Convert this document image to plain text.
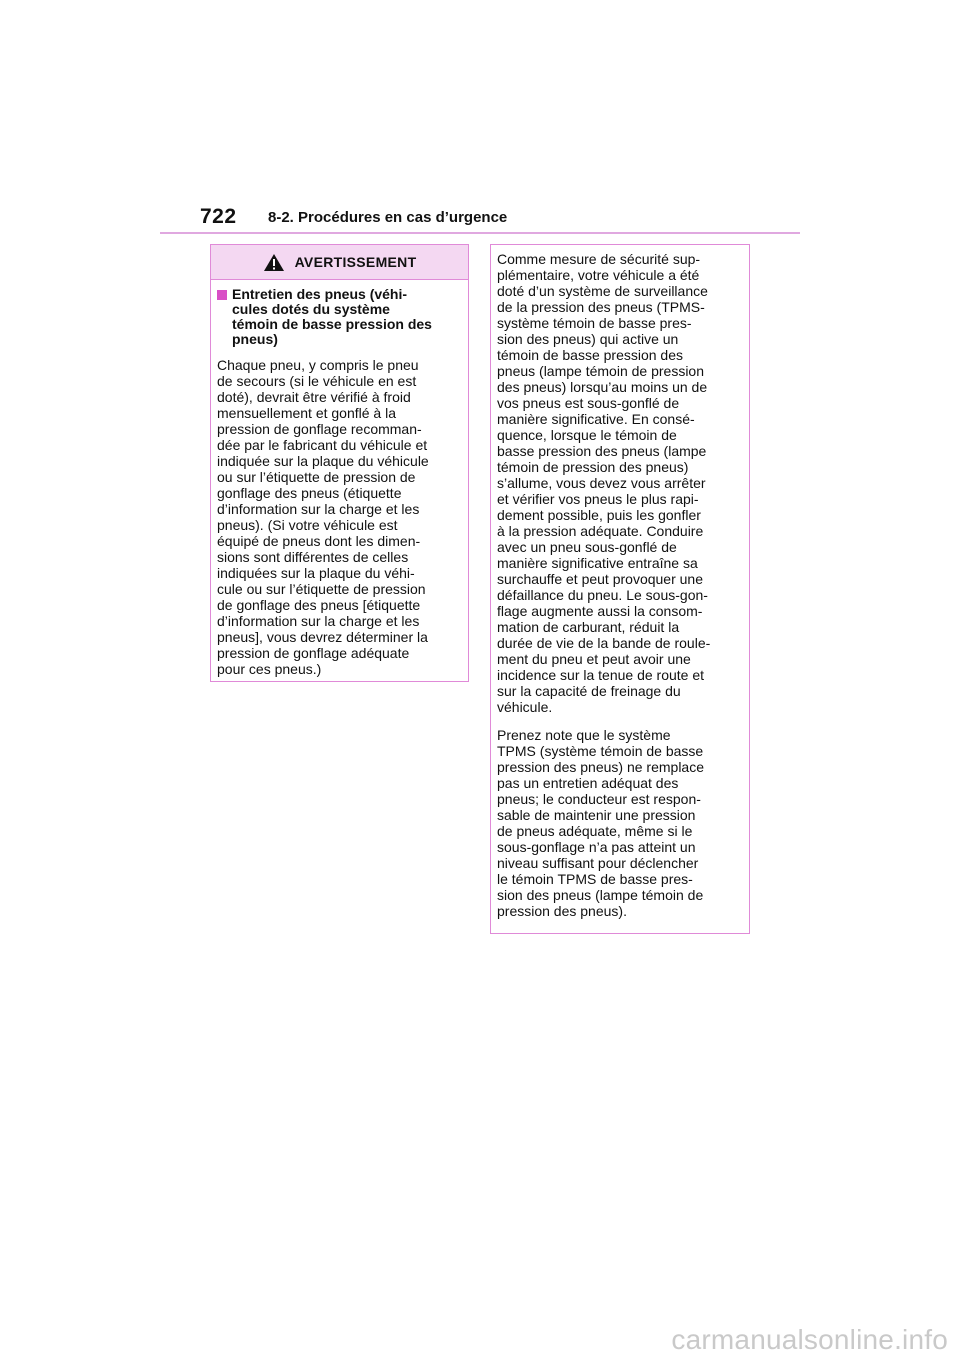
722 8-2. Procédures en cas d’urgence
AVERTISSEMENT
Entretien des pneus (véhi-
cules dotés du système
témoin de basse pression des
pneus)

Chaque pneu, y compris le pneu
de secours (si le véhicule en est
doté), devrait être vérifié à froid
mensuellement et gonflé à la
pression de gonflage recomman-
dée par le fabricant du véhicule et
indiquée sur la plaque du véhicule
ou sur l’étiquette de pression de
gonflage des pneus (étiquette
d’information sur la charge et les
pneus). (Si votre véhicule est
équipé de pneus dont les dimen-
sions sont différentes de celles
indiquées sur la plaque du véhi-
cule ou sur l’étiquette de pression
de gonflage des pneus [étiquette
d’information sur la charge et les
pneus], vous devrez déterminer la
pression de gonflage adéquate
pour ces pneus.)

Comme mesure de sécurité sup-
plémentaire, votre véhicule a été
doté d’un système de surveillance
de la pression des pneus (TPMS-
système témoin de basse pres-
sion des pneus) qui active un
témoin de basse pression des
pneus (lampe témoin de pression
des pneus) lorsqu’au moins un de
vos pneus est sous-gonflé de
manière significative. En consé-
quence, lorsque le témoin de
basse pression des pneus (lampe
témoin de pression des pneus)
s’allume, vous devez vous arrêter
et vérifier vos pneus le plus rapi-
dement possible, puis les gonfler
à la pression adéquate. Conduire
avec un pneu sous-gonflé de
manière significative entraîne sa
surchauffe et peut provoquer une
défaillance du pneu. Le sous-gon-
flage augmente aussi la consom-
mation de carburant, réduit la
durée de vie de la bande de roule-
ment du pneu et peut avoir une
incidence sur la tenue de route et
sur la capacité de freinage du
véhicule.

Prenez note que le système
TPMS (système témoin de basse
pression des pneus) ne remplace
pas un entretien adéquat des
pneus; le conducteur est respon-
sable de maintenir une pression
de pneus adéquate, même si le
sous-gonflage n’a pas atteint un
niveau suffisant pour déclencher
le témoin TPMS de basse pres-
sion des pneus (lampe témoin de
pression des pneus).

carmanualsonline.info
